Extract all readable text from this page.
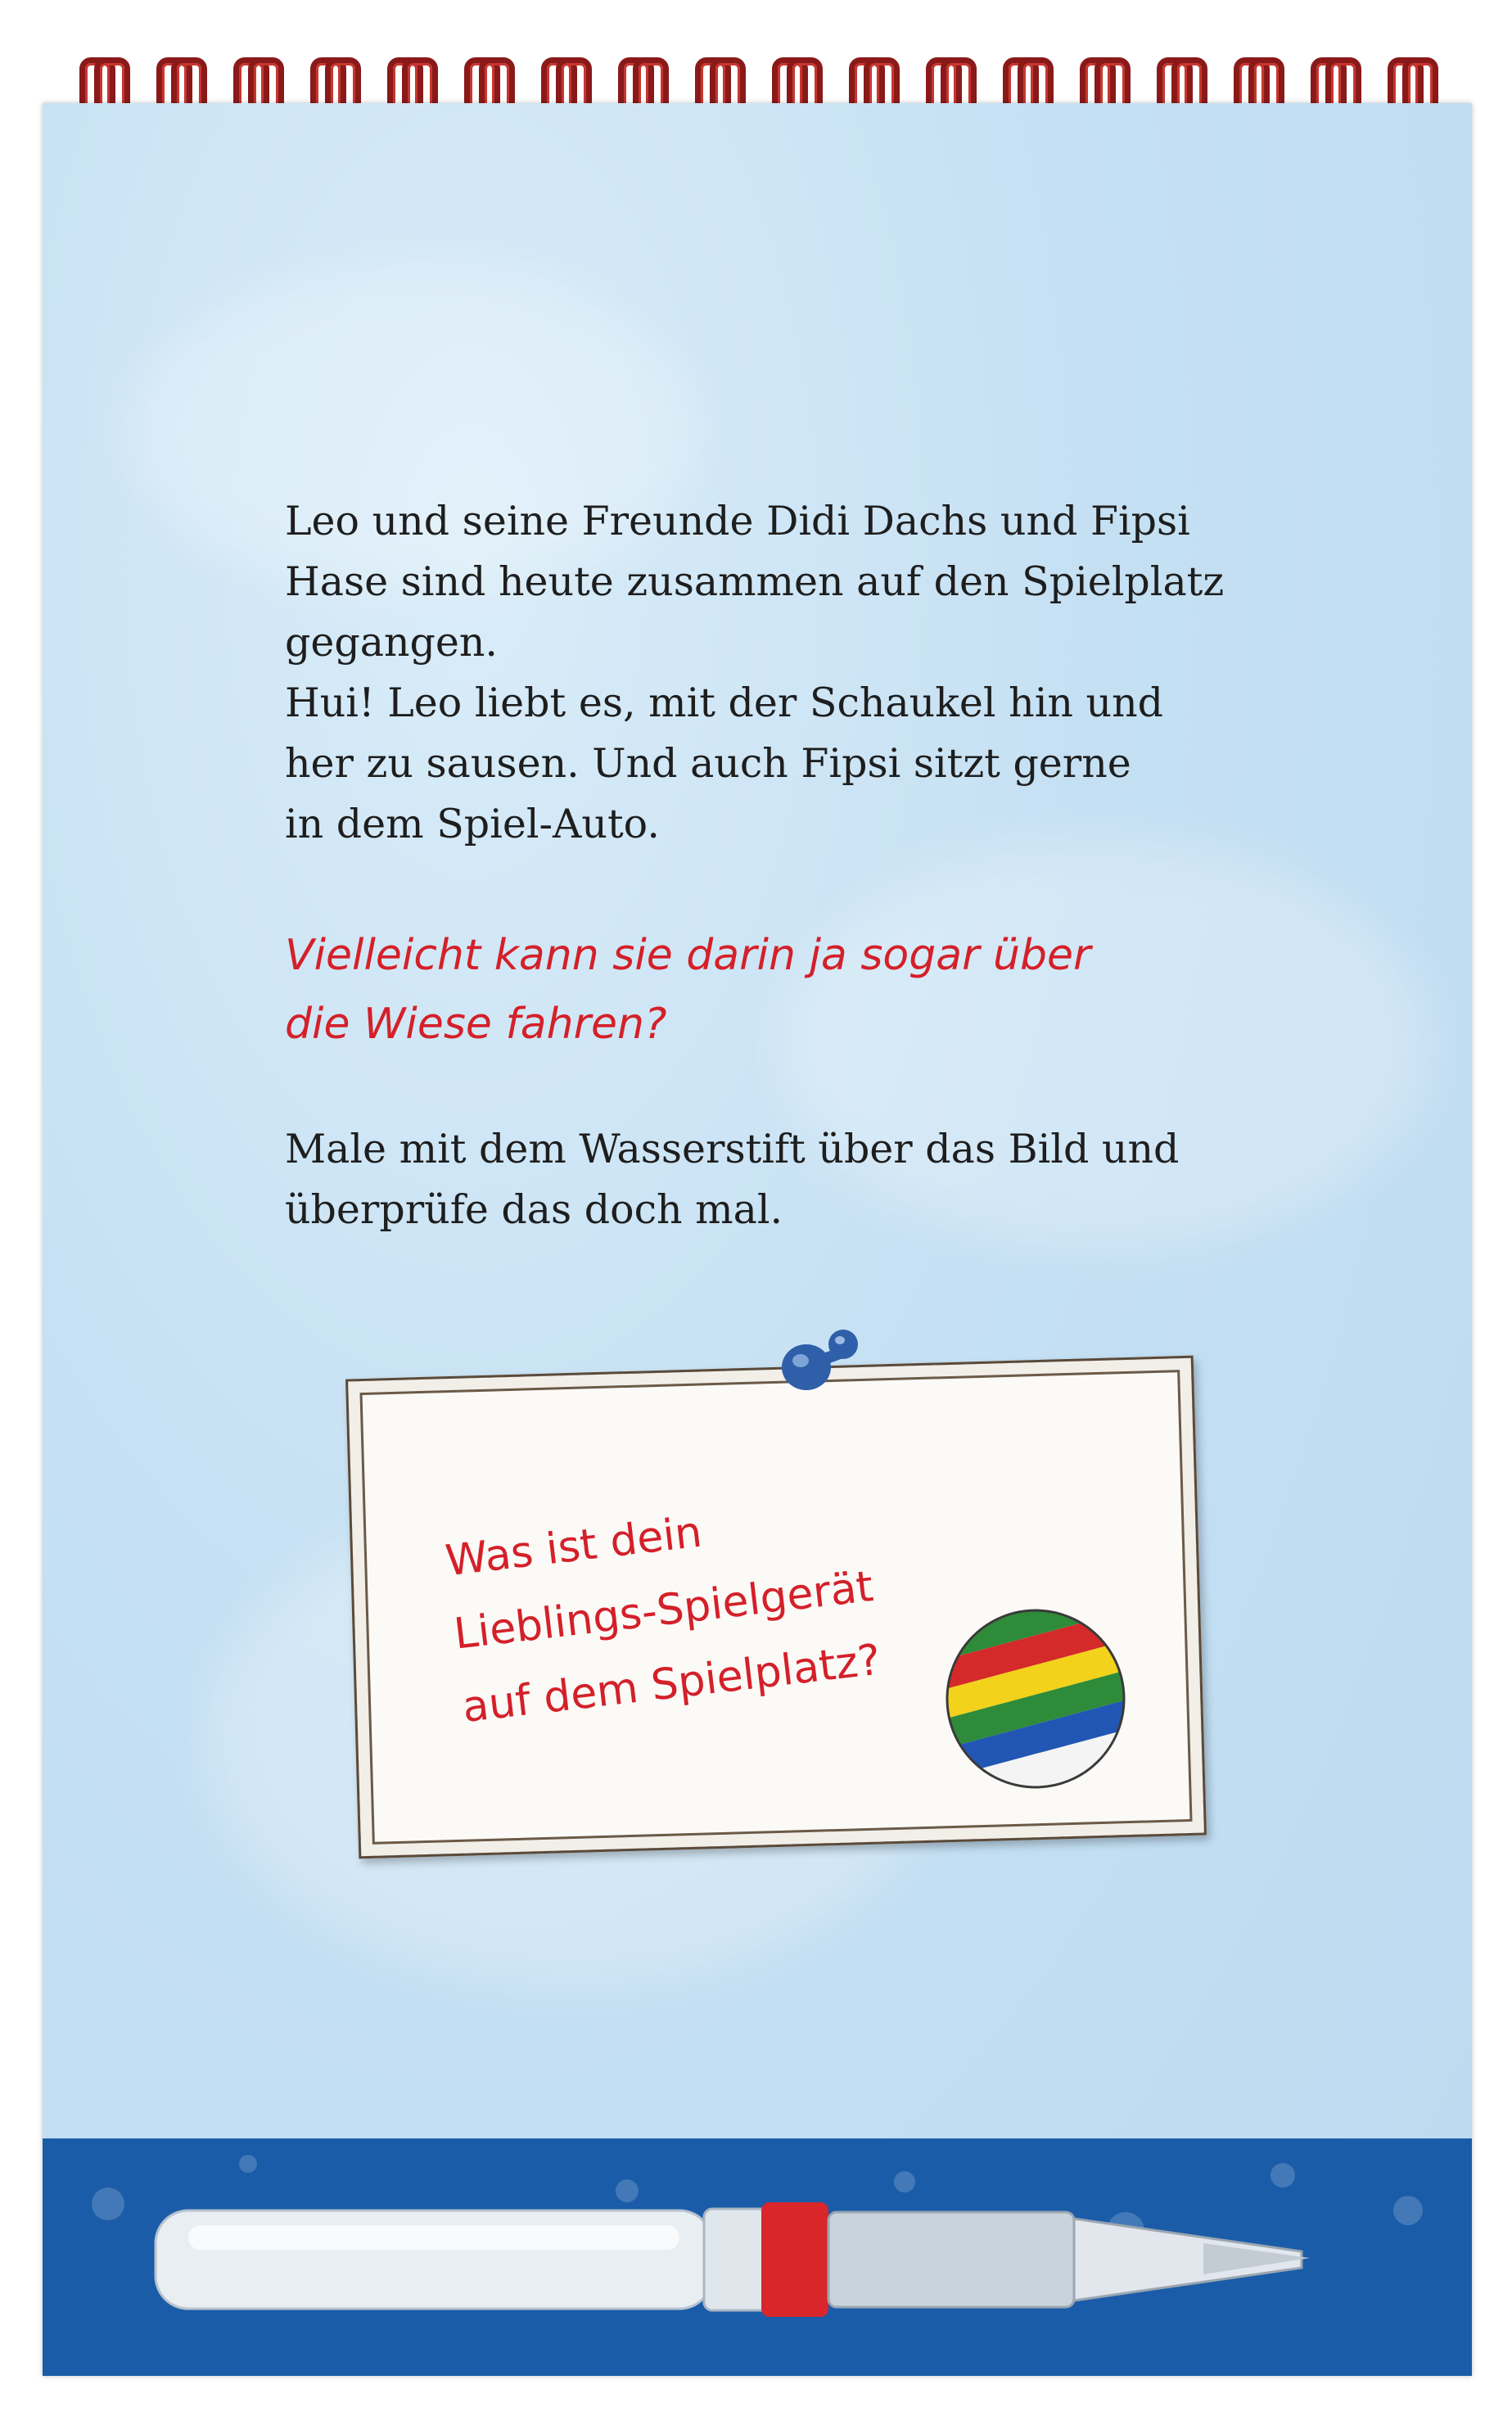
Leo und seine Freunde Didi Dachs und Fipsi
Hase sind heute zusammen auf den Spielplatz
gegangen.
Hui! Leo liebt es, mit der Schaukel hin und
her zu sausen. Und auch Fipsi sitzt gerne
in dem Spiel-Auto.
Vielleicht kann sie darin ja sogar über
die Wiese fahren?
Male mit dem Wasserstift über das Bild und
überprüfe das doch mal.
Was ist dein
Lieblings-Spielgerät
auf dem Spielplatz?
